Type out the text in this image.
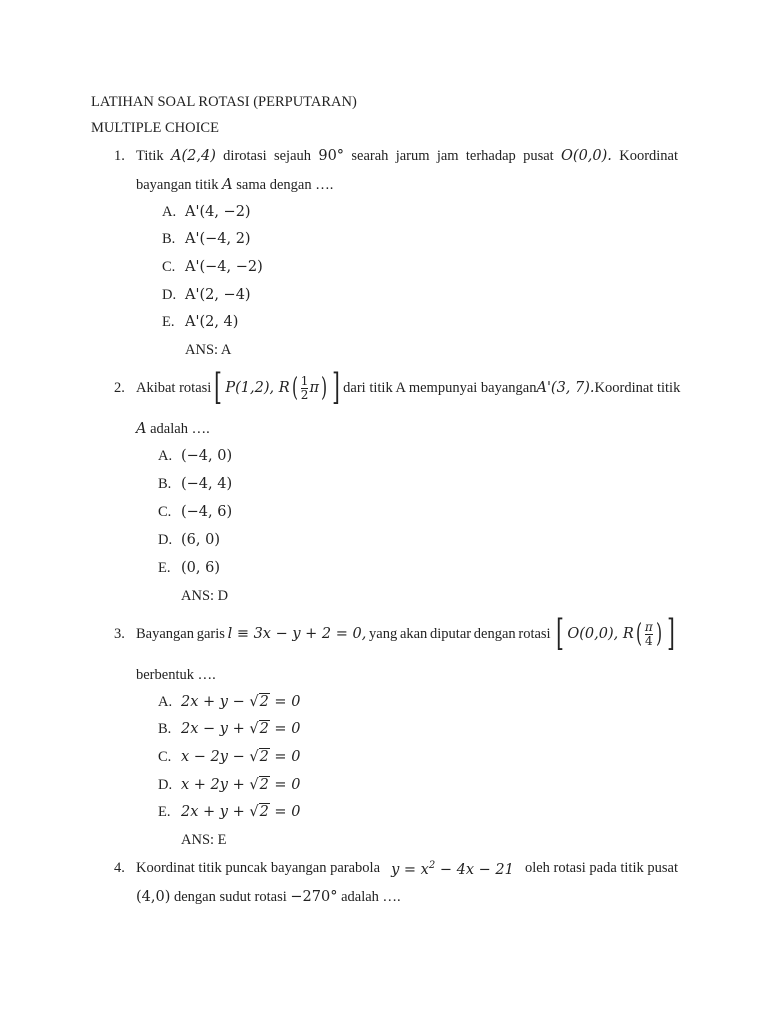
LATIHAN SOAL ROTASI (PERPUTARAN)
MULTIPLE CHOICE
1. Titik A(2,4) dirotasi sejauh 90° searah jarum jam terhadap pusat O(0,0). Koordinat
bayangan titik A sama dengan ….
A. A'(4, −2)
B. A'(−4, 2)
C. A'(−4, −2)
D. A'(2, −4)
E. A'(2, 4)
ANS: A
2. Akibat rotasi [ P(1,2), R ( $\frac{1}{2}$ π ) ] dari titik A mempunyai bayangan A'(3, 7). Koordinat titik
A adalah ….
A. (−4, 0)
B. (−4, 4)
C. (−4, 6)
D. (6, 0)
E. (0, 6)
ANS: D
3. Bayangan garis l ≡ 3x − y + 2 = 0, yang akan diputar dengan rotasi [ O(0,0), R ( $\frac{\pi}{4}$ ) ]
berbentuk ….
A. 2x + y − √2 = 0
B. 2x − y + √2 = 0
C. x − 2y − √2 = 0
D. x + 2y + √2 = 0
E. 2x + y + √2 = 0
ANS: E
4. Koordinat titik puncak bayangan parabola $y = x^2 - 4x - 21$ oleh rotasi pada titik pusat
(4,0) dengan sudut rotasi −270° adalah ….
